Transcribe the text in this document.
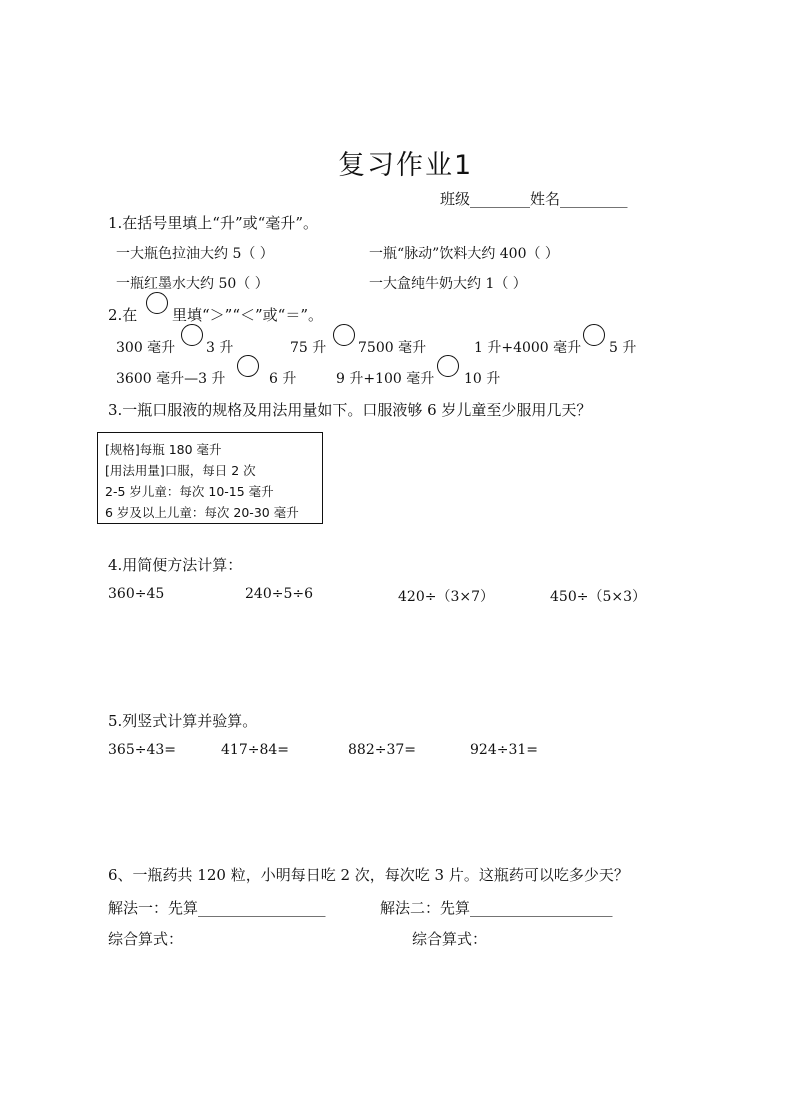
复习作业1
班级________姓名_________
1.在括号里填上“升”或“毫升”。
一大瓶色拉油大约 5（ ）	一瓶“脉动”饮料大约 400（ ）
一瓶红墨水大约 50（ ）	一大盒纯牛奶大约 1（ ）
2.在 里填“＞”“＜”或“＝”。
300 毫升 3 升	75 升 7500 毫升	1 升+4000 毫升 5 升
3600 毫升—3 升	6 升	9 升+100 毫升 10 升
3.一瓶口服液的规格及用法用量如下。口服液够 6 岁儿童至少服用几天？
[规格]每瓶 180 毫升
[用法用量]口服，每日 2 次
2-5 岁儿童：每次 10-15 毫升
6 岁及以上儿童：每次 20-30 毫升
4.用简便方法计算：
360÷45	240÷5÷6	420÷（3×7）	450÷（5×3）
5.列竖式计算并验算。
365÷43=	417÷84=	882÷37=	924÷31=
6、一瓶药共 120 粒，小明每日吃 2 次，每次吃 3 片。这瓶药可以吃多少天？
解法一：先算_________________	解法二：先算___________________
综合算式：	综合算式：
